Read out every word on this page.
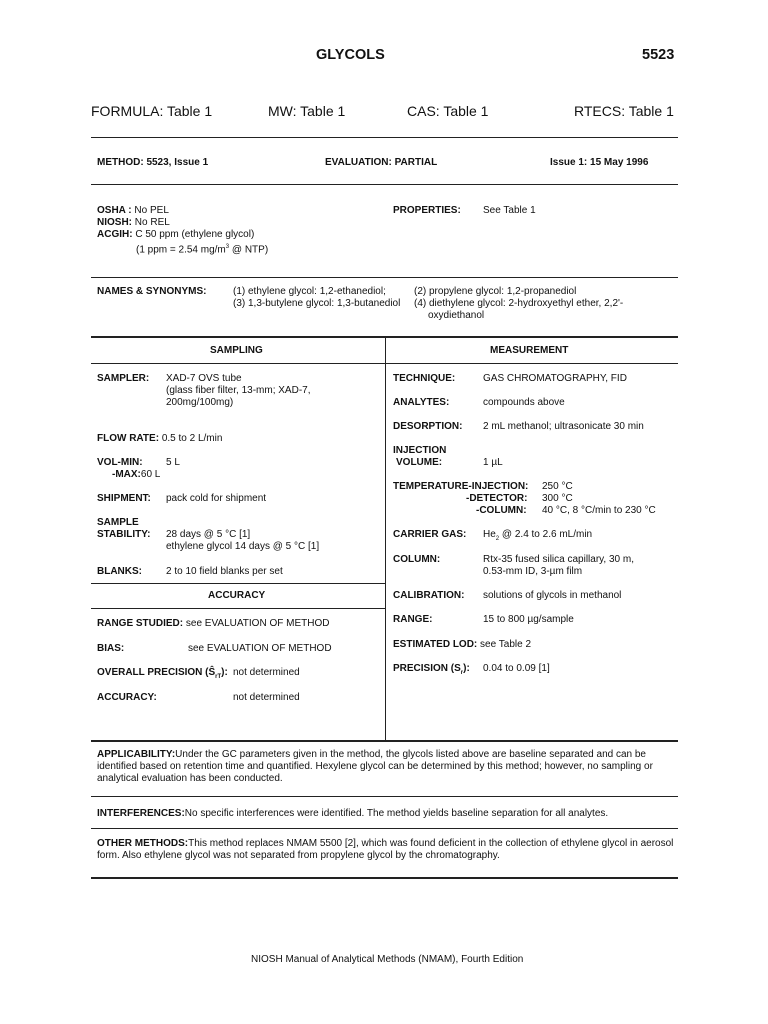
GLYCOLS	5523
FORMULA: Table 1	MW: Table 1	CAS: Table 1	RTECS: Table 1
METHOD: 5523, Issue 1	EVALUATION: PARTIAL	Issue 1: 15 May 1996
OSHA : No PEL
NIOSH: No REL
ACGIH: C 50 ppm (ethylene glycol)
(1 ppm = 2.54 $mg/m^3$ @ NTP)
PROPERTIES: See Table 1
NAMES & SYNONYMS:	(1) ethylene glycol: 1,2-ethanediol;	(2) propylene glycol: 1,2-propanediol
(3) 1,3-butylene glycol: 1,3-butanediol (4) diethylene glycol: 2-hydroxyethyl ether, 2,2'-
oxydiethanol
SAMPLING	MEASUREMENT
SAMPLER: XAD-7 OVS tube
(glass fiber filter, 13-mm; XAD-7,
200mg/100mg)
FLOW RATE: 0.5 to 2 L/min
VOL-MIN: 5 L
-MAX:60 L
SHIPMENT: pack cold for shipment
SAMPLE
STABILITY: 28 days @ 5 °C [1]
ethylene glycol 14 days @ 5 °C [1]
BLANKS: 2 to 10 field blanks per set
ACCURACY
RANGE STUDIED: see EVALUATION OF METHOD
BIAS:	see EVALUATION OF METHOD
OVERALL PRECISION $(Ŝ_{rT})$: not determined
ACCURACY:	not determined
TECHNIQUE:	GAS CHROMATOGRAPHY, FID
ANALYTES:	compounds above
DESORPTION: 2 mL methanol; ultrasonicate 30 min
INJECTION
VOLUME:	1 µL
TEMPERATURE-INJECTION: 250 °C
-DETECTOR: 300 °C
-COLUMN: 40 °C, 8 °C/min to 230 °C
CARRIER GAS: $He_2$ @ 2.4 to 2.6 mL/min
COLUMN:	Rtx-35 fused silica capillary, 30 m,
0.53-mm ID, 3-µm film
CALIBRATION: solutions of glycols in methanol
RANGE:	15 to 800 µg/sample
ESTIMATED LOD: see Table 2
PRECISION $(S_r)$: 0.04 to 0.09 [1]
APPLICABILITY:Under the GC parameters given in the method, the glycols listed above are baseline separated and can be identified based on retention time and quantified. Hexylene glycol can be determined by this method; however, no sampling or analytical evaluation has been conducted.
INTERFERENCES:No specific interferences were identified. The method yields baseline separation for all analytes.
OTHER METHODS:This method replaces NMAM 5500 [2], which was found deficient in the collection of ethylene glycol in aerosol form. Also ethylene glycol was not separated from propylene glycol by the chromatography.
NIOSH Manual of Analytical Methods (NMAM), Fourth Edition
